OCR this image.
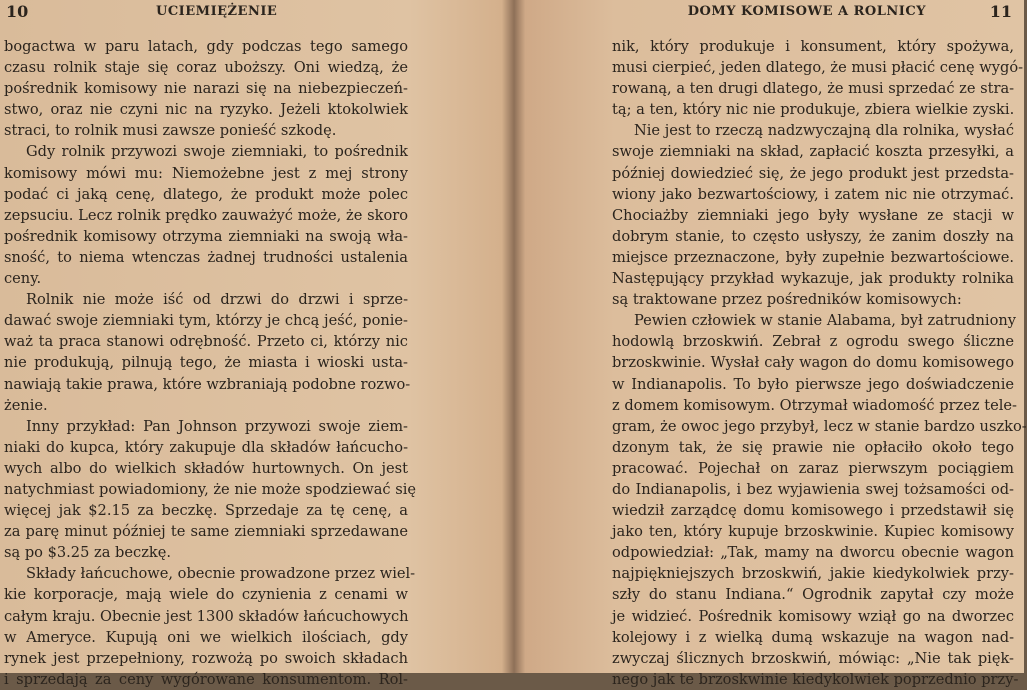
10	UCIEMIĘŻENIE
bogactwa w paru latach, gdy podczas tego samego
czasu rolnik staje się coraz uboższy. Oni wiedzą, że
pośrednik komisowy nie narazi się na niebezpieczeń-
stwo, oraz nie czyni nic na ryzyko. Jeżeli ktokolwiek
straci, to rolnik musi zawsze ponieść szkodę.
Gdy rolnik przywozi swoje ziemniaki, to pośrednik
komisowy mówi mu: Niemożebne jest z mej strony
podać ci jaką cenę, dlatego, że produkt może polec
zepsuciu. Lecz rolnik prędko zauważyć może, że skoro
pośrednik komisowy otrzyma ziemniaki na swoją wła-
sność, to niema wtenczas żadnej trudności ustalenia
ceny.
Rolnik nie może iść od drzwi do drzwi i sprze-
dawać swoje ziemniaki tym, którzy je chcą jeść, ponie-
waż ta praca stanowi odrębność. Przeto ci, którzy nic
nie produkują, pilnują tego, że miasta i wioski usta-
nawiają takie prawa, które wzbraniają podobne rozwo-
żenie.
Inny przykład: Pan Johnson przywozi swoje ziem-
niaki do kupca, który zakupuje dla składów łańcucho-
wych albo do wielkich składów hurtownych. On jest
natychmiast powiadomiony, że nie może spodziewać się
więcej jak $2.15 za beczkę. Sprzedaje za tę cenę, a
za parę minut później te same ziemniaki sprzedawane
są po $3.25 za beczkę.
Składy łańcuchowe, obecnie prowadzone przez wiel-
kie korporacje, mają wiele do czynienia z cenami w
całym kraju. Obecnie jest 1300 składów łańcuchowych
w Ameryce. Kupują oni we wielkich ilościach, gdy
rynek jest przepełniony, rozwożą po swoich składach
i sprzedają za ceny wygórowane konsumentom. Rol-
11
DOMY KOMISOWE A ROLNICY
nik, który produkuje i konsument, który spożywa,
musi cierpieć, jeden dlatego, że musi płacić cenę wygó-
rowaną, a ten drugi dlatego, że musi sprzedać ze stra-
tą; a ten, który nic nie produkuje, zbiera wielkie zyski.
Nie jest to rzeczą nadzwyczajną dla rolnika, wysłać
swoje ziemniaki na skład, zapłacić koszta przesyłki, a
później dowiedzieć się, że jego produkt jest przedsta-
wiony jako bezwartościowy, i zatem nic nie otrzymać.
Chociażby ziemniaki jego były wysłane ze stacji w
dobrym stanie, to często usłyszy, że zanim doszły na
miejsce przeznaczone, były zupełnie bezwartościowe.
Następujący przykład wykazuje, jak produkty rolnika
są traktowane przez pośredników komisowych:
Pewien człowiek w stanie Alabama, był zatrudniony
hodowlą brzoskwiń. Zebrał z ogrodu swego śliczne
brzoskwinie. Wysłał cały wagon do domu komisowego
w Indianapolis. To było pierwsze jego doświadczenie
z domem komisowym. Otrzymał wiadomość przez tele-
gram, że owoc jego przybył, lecz w stanie bardzo uszko-
dzonym tak, że się prawie nie opłaciło około tego
pracować. Pojechał on zaraz pierwszym pociągiem
do Indianapolis, i bez wyjawienia swej tożsamości od-
wiedził zarządcę domu komisowego i przedstawił się
jako ten, który kupuje brzoskwinie. Kupiec komisowy
odpowiedział: „Tak, mamy na dworcu obecnie wagon
najpiękniejszych brzoskwiń, jakie kiedykolwiek przy-
szły do stanu Indiana.“ Ogrodnik zapytał czy może
je widzieć. Pośrednik komisowy wziął go na dworzec
kolejowy i z wielką dumą wskazuje na wagon nad-
zwyczaj ślicznych brzoskwiń, mówiąc: „Nie tak pięk-
nego jak te brzoskwinie kiedykolwiek poprzednio przy-
